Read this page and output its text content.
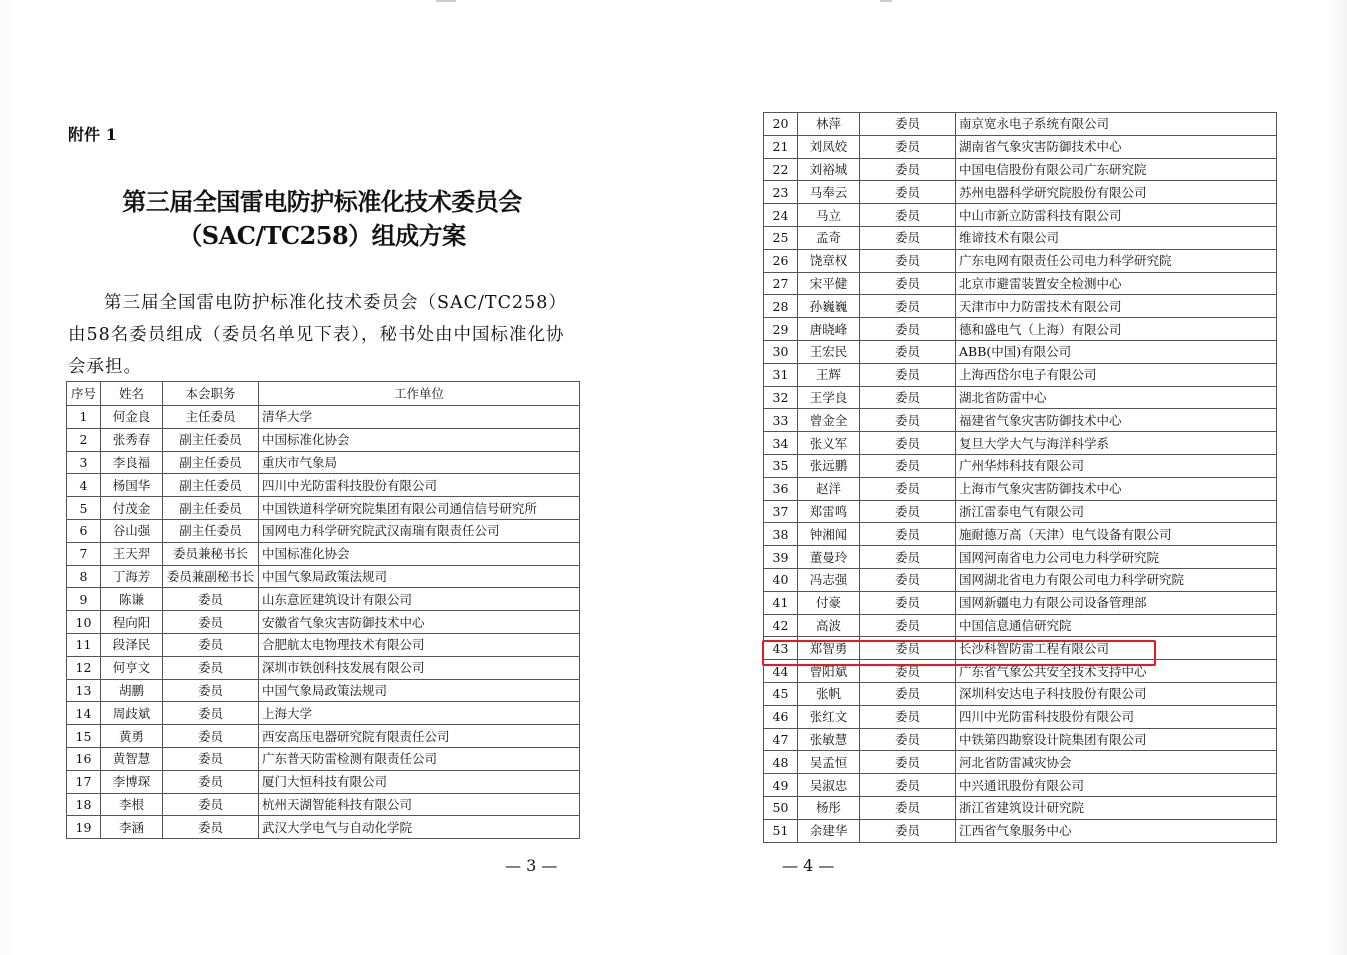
附件 1
第三届全国雷电防护标准化技术委员会
（SAC/TC258）组成方案
第三届全国雷电防护标准化技术委员会（SAC/TC258）由58名委员组成（委员名单见下表），秘书处由中国标准化协会承担。
序号	姓名	本会职务	工作单位
1	何金良	主任委员	清华大学
2	张秀春	副主任委员	中国标准化协会
3	李良福	副主任委员	重庆市气象局
4	杨国华	副主任委员	四川中光防雷科技股份有限公司
5	付茂金	副主任委员	中国铁道科学研究院集团有限公司通信信号研究所
6	谷山强	副主任委员	国网电力科学研究院武汉南瑞有限责任公司
7	王天羿	委员兼秘书长	中国标准化协会
8	丁海芳	委员兼副秘书长	中国气象局政策法规司
9	陈谦	委员	山东意匠建筑设计有限公司
10	程向阳	委员	安徽省气象灾害防御技术中心
11	段泽民	委员	合肥航太电物理技术有限公司
12	何亨文	委员	深圳市铁创科技发展有限公司
13	胡鹏	委员	中国气象局政策法规司
14	周歧斌	委员	上海大学
15	黄勇	委员	西安高压电器研究院有限责任公司
16	黄智慧	委员	广东普天防雷检测有限责任公司
17	李博琛	委员	厦门大恒科技有限公司
18	李根	委员	杭州天湖智能科技有限公司
19	李涵	委员	武汉大学电气与自动化学院
— 3 —
20	林萍	委员	南京宽永电子系统有限公司
21	刘凤姣	委员	湖南省气象灾害防御技术中心
22	刘裕城	委员	中国电信股份有限公司广东研究院
23	马奉云	委员	苏州电器科学研究院股份有限公司
24	马立	委员	中山市新立防雷科技有限公司
25	孟奇	委员	维谛技术有限公司
26	饶章权	委员	广东电网有限责任公司电力科学研究院
27	宋平健	委员	北京市避雷装置安全检测中心
28	孙巍巍	委员	天津市中力防雷技术有限公司
29	唐晓峰	委员	德和盛电气（上海）有限公司
30	王宏民	委员	ABB(中国)有限公司
31	王辉	委员	上海西岱尔电子有限公司
32	王学良	委员	湖北省防雷中心
33	曾金全	委员	福建省气象灾害防御技术中心
34	张义军	委员	复旦大学大气与海洋科学系
35	张远鹏	委员	广州华炜科技有限公司
36	赵洋	委员	上海市气象灾害防御技术中心
37	郑雷鸣	委员	浙江雷泰电气有限公司
38	钟湘闻	委员	施耐德万高（天津）电气设备有限公司
39	董曼玲	委员	国网河南省电力公司电力科学研究院
40	冯志强	委员	国网湖北省电力有限公司电力科学研究院
41	付豪	委员	国网新疆电力有限公司设备管理部
42	高波	委员	中国信息通信研究院
43	郑智勇	委员	长沙科智防雷工程有限公司
44	曾阳斌	委员	广东省气象公共安全技术支持中心
45	张帆	委员	深圳科安达电子科技股份有限公司
46	张红文	委员	四川中光防雷科技股份有限公司
47	张敏慧	委员	中铁第四勘察设计院集团有限公司
48	吴孟恒	委员	河北省防雷减灾协会
49	吴淑忠	委员	中兴通讯股份有限公司
50	杨彤	委员	浙江省建筑设计研究院
51	余建华	委员	江西省气象服务中心
— 4 —
